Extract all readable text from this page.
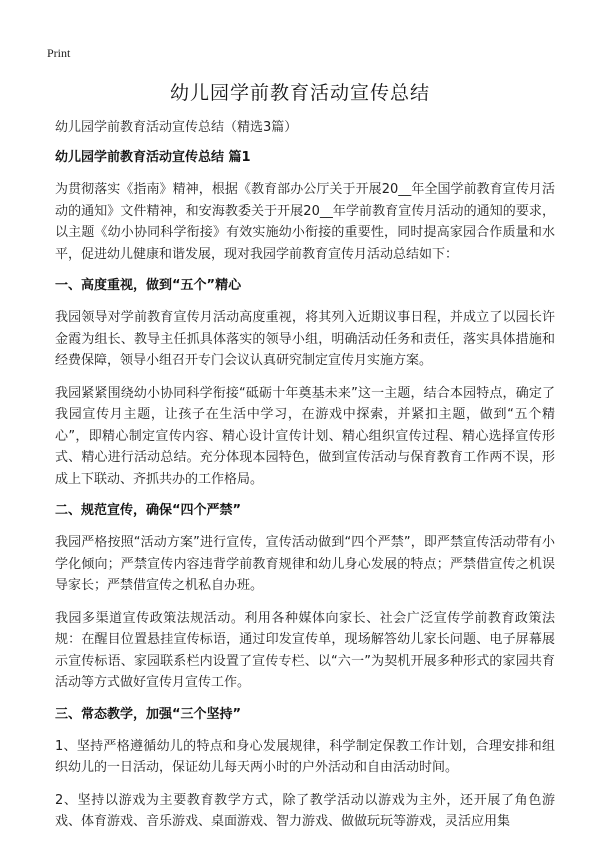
Print
幼儿园学前教育活动宣传总结

幼儿园学前教育活动宣传总结（精选3篇）

幼儿园学前教育活动宣传总结 篇1

为贯彻落实《指南》精神，根据《教育部办公厅关于开展20__年全国学前教育宣传月活动的通知》文件精神，和安海教委关于开展20__年学前教育宣传月活动的通知的要求，以主题《幼小协同科学衔接》有效实施幼小衔接的重要性，同时提高家园合作质量和水平，促进幼儿健康和谐发展，现对我园学前教育宣传月活动总结如下：

一、高度重视，做到“五个”精心

我园领导对学前教育宣传月活动高度重视，将其列入近期议事日程，并成立了以园长许金霞为组长、教导主任抓具体落实的领导小组，明确活动任务和责任，落实具体措施和经费保障，领导小组召开专门会议认真研究制定宣传月实施方案。

我园紧紧围绕幼小协同科学衔接“砥砺十年奠基未来”这一主题，结合本园特点，确定了我园宣传月主题，让孩子在生活中学习，在游戏中探索，并紧扣主题，做到“五个精心”，即精心制定宣传内容、精心设计宣传计划、精心组织宣传过程、精心选择宣传形式、精心进行活动总结。充分体现本园特色，做到宣传活动与保育教育工作两不误，形成上下联动、齐抓共办的工作格局。

二、规范宣传，确保“四个严禁”

我园严格按照“活动方案”进行宣传，宣传活动做到“四个严禁”，即严禁宣传活动带有小学化倾向；严禁宣传内容违背学前教育规律和幼儿身心发展的特点；严禁借宣传之机误导家长；严禁借宣传之机私自办班。

我园多渠道宣传政策法规活动。利用各种媒体向家长、社会广泛宣传学前教育政策法规：在醒目位置悬挂宣传标语，通过印发宣传单，现场解答幼儿家长问题、电子屏幕展示宣传标语、家园联系栏内设置了宣传专栏、以“六一”为契机开展多种形式的家园共育活动等方式做好宣传月宣传工作。

三、常态教学，加强“三个坚持”

1、坚持严格遵循幼儿的特点和身心发展规律，科学制定保教工作计划，合理安排和组织幼儿的一日活动，保证幼儿每天两小时的户外活动和自由活动时间。

2、坚持以游戏为主要教育教学方式，除了教学活动以游戏为主外，还开展了角色游戏、体育游戏、音乐游戏、桌面游戏、智力游戏、做做玩玩等游戏，灵活应用集
